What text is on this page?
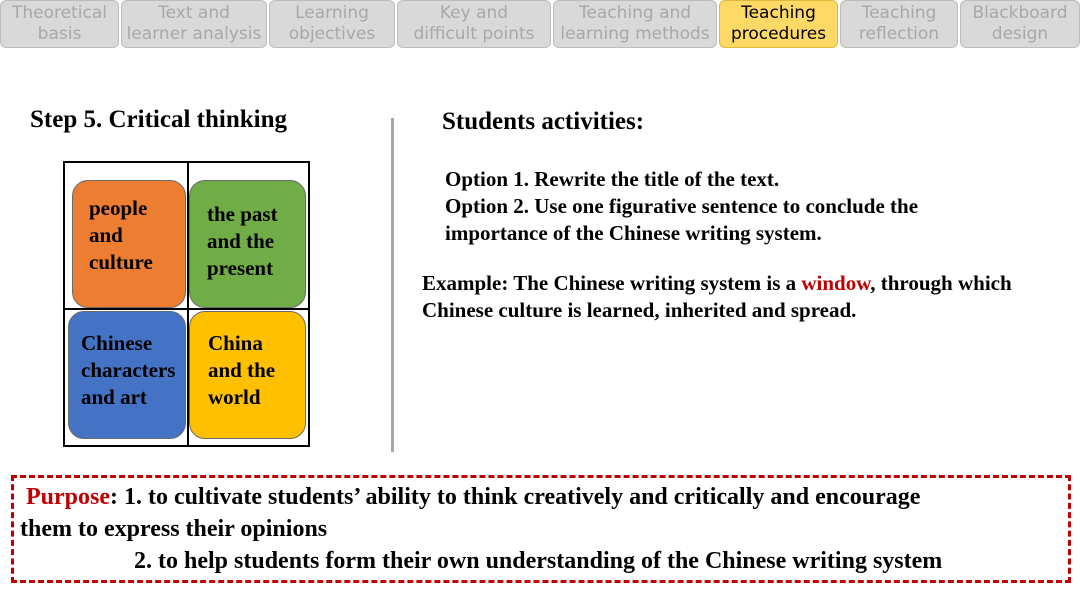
Theoretical
basis
Text and
learner analysis
Learning
objectives
Key and
difficult points
Teaching and
learning methods
Teaching
procedures
Teaching
reflection
Blackboard
design
Step 5. Critical thinking
people
and
culture
the past
and the
present
Chinese
characters
and art
China
and the
world
Students activities:
Option 1. Rewrite the title of the text.
Option 2. Use one figurative sentence to conclude the
importance of the Chinese writing system.
Example: The Chinese writing system is a window, through which Chinese culture is learned, inherited and spread.
Purpose: 1. to cultivate students’ ability to think creatively and critically and encourage
them to express their opinions
2. to help students form their own understanding of the Chinese writing system
